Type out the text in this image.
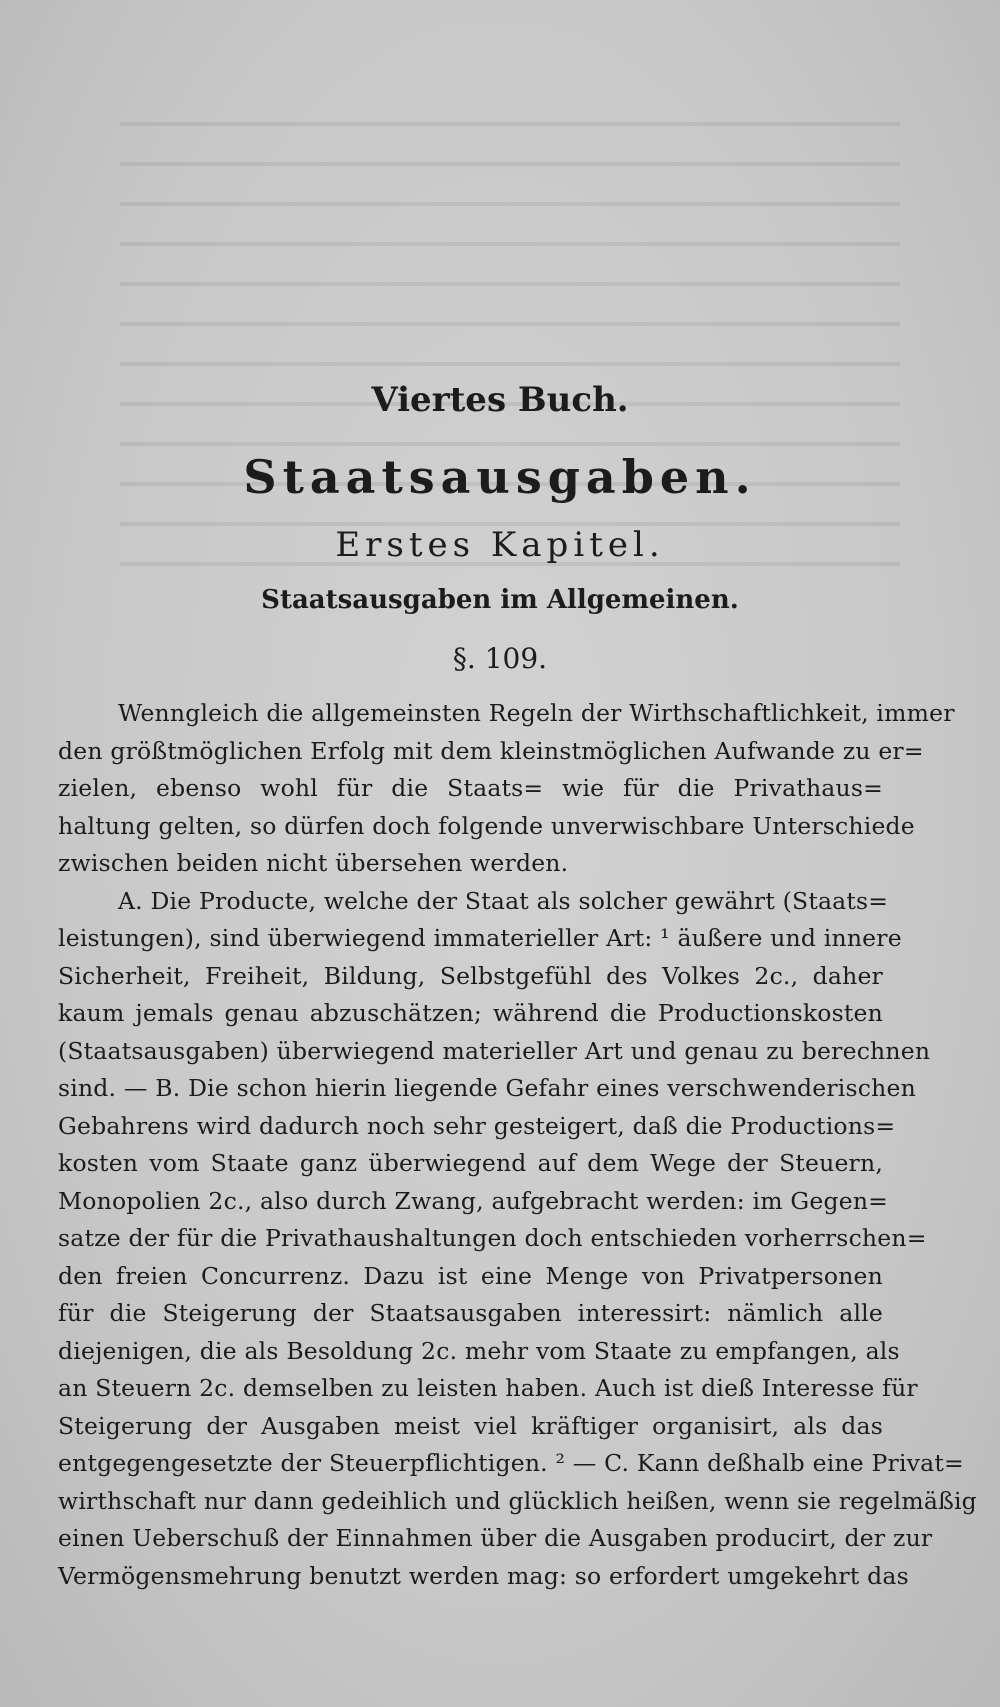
Viertes Buch.
Staatsausgaben.
Erstes Kapitel.
Staatsausgaben im Allgemeinen.
§. 109.
Wenngleich die allgemeinsten Regeln der Wirthschaftlichkeit, immer
den größtmöglichen Erfolg mit dem kleinstmöglichen Aufwande zu er=
zielen, ebenso wohl für die Staats= wie für die Privathaus=
haltung gelten, so dürfen doch folgende unverwischbare Unterschiede
zwischen beiden nicht übersehen werden.
A. Die Producte, welche der Staat als solcher gewährt (Staats=
leistungen), sind überwiegend immaterieller Art: ¹ äußere und innere
Sicherheit, Freiheit, Bildung, Selbstgefühl des Volkes 2c., daher
kaum jemals genau abzuschätzen; während die Productionskosten
(Staatsausgaben) überwiegend materieller Art und genau zu berechnen
sind. — B. Die schon hierin liegende Gefahr eines verschwenderischen
Gebahrens wird dadurch noch sehr gesteigert, daß die Productions=
kosten vom Staate ganz überwiegend auf dem Wege der Steuern,
Monopolien 2c., also durch Zwang, aufgebracht werden: im Gegen=
satze der für die Privathaushaltungen doch entschieden vorherrschen=
den freien Concurrenz. Dazu ist eine Menge von Privatpersonen
für die Steigerung der Staatsausgaben interessirt: nämlich alle
diejenigen, die als Besoldung 2c. mehr vom Staate zu empfangen, als
an Steuern 2c. demselben zu leisten haben. Auch ist dieß Interesse für
Steigerung der Ausgaben meist viel kräftiger organisirt, als das
entgegengesetzte der Steuerpflichtigen. ² — C. Kann deßhalb eine Privat=
wirthschaft nur dann gedeihlich und glücklich heißen, wenn sie regelmäßig
einen Ueberschuß der Einnahmen über die Ausgaben producirt, der zur
Vermögensmehrung benutzt werden mag: so erfordert umgekehrt das
